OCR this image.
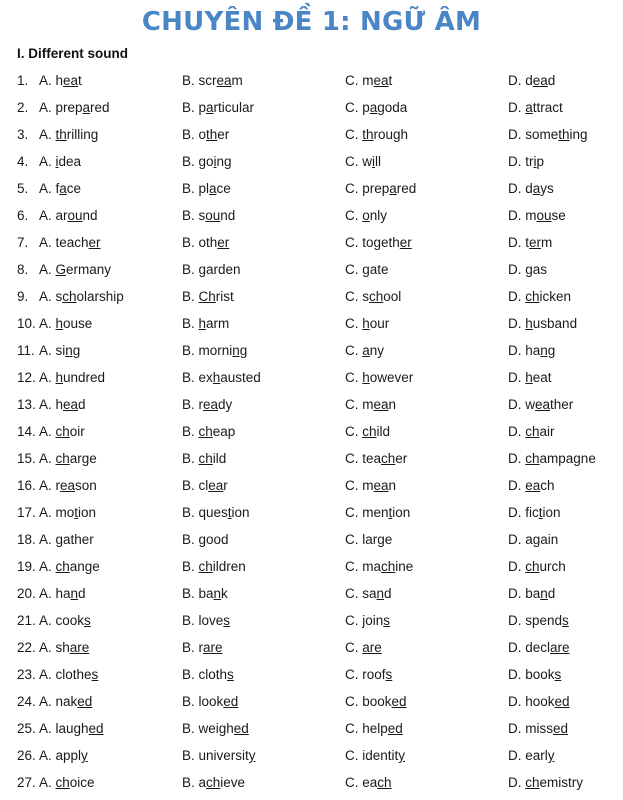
CHUYÊN ĐỀ 1: NGỮ ÂM
I. Different sound
1. A. heat	B. scream	C. meat	D. dead
2. A. prepared	B. particular	C. pagoda	D. attract
3. A. thrilling	B. other	C. through	D. something
4. A. idea	B. going	C. will	D. trip
5. A. face	B. place	C. prepared	D. days
6. A. around	B. sound	C. only	D. mouse
7. A. teacher	B. other	C. together	D. term
8. A. Germany	B. garden	C. gate	D. gas
9. A. scholarship	B. Christ	C. school	D. chicken
10. A. house	B. harm	C. hour	D. husband
11. A. sing	B. morning	C. any	D. hang
12. A. hundred	B. exhausted	C. however	D. heat
13. A. head	B. ready	C. mean	D. weather
14. A. choir	B. cheap	C. child	D. chair
15. A. charge	B. child	C. teacher	D. champagne
16. A. reason	B. clear	C. mean	D. each
17. A. motion	B. question	C. mention	D. fiction
18. A. gather	B. good	C. large	D. again
19. A. change	B. children	C. machine	D. church
20. A. hand	B. bank	C. sand	D. band
21. A. cooks	B. loves	C. joins	D. spends
22. A. share	B. rare	C. are	D. declare
23. A. clothes	B. cloths	C. roofs	D. books
24. A. naked	B. looked	C. booked	D. hooked
25. A. laughed	B. weighed	C. helped	D. missed
26. A. apply	B. university	C. identity	D. early
27. A. choice	B. achieve	C. each	D. chemistry
